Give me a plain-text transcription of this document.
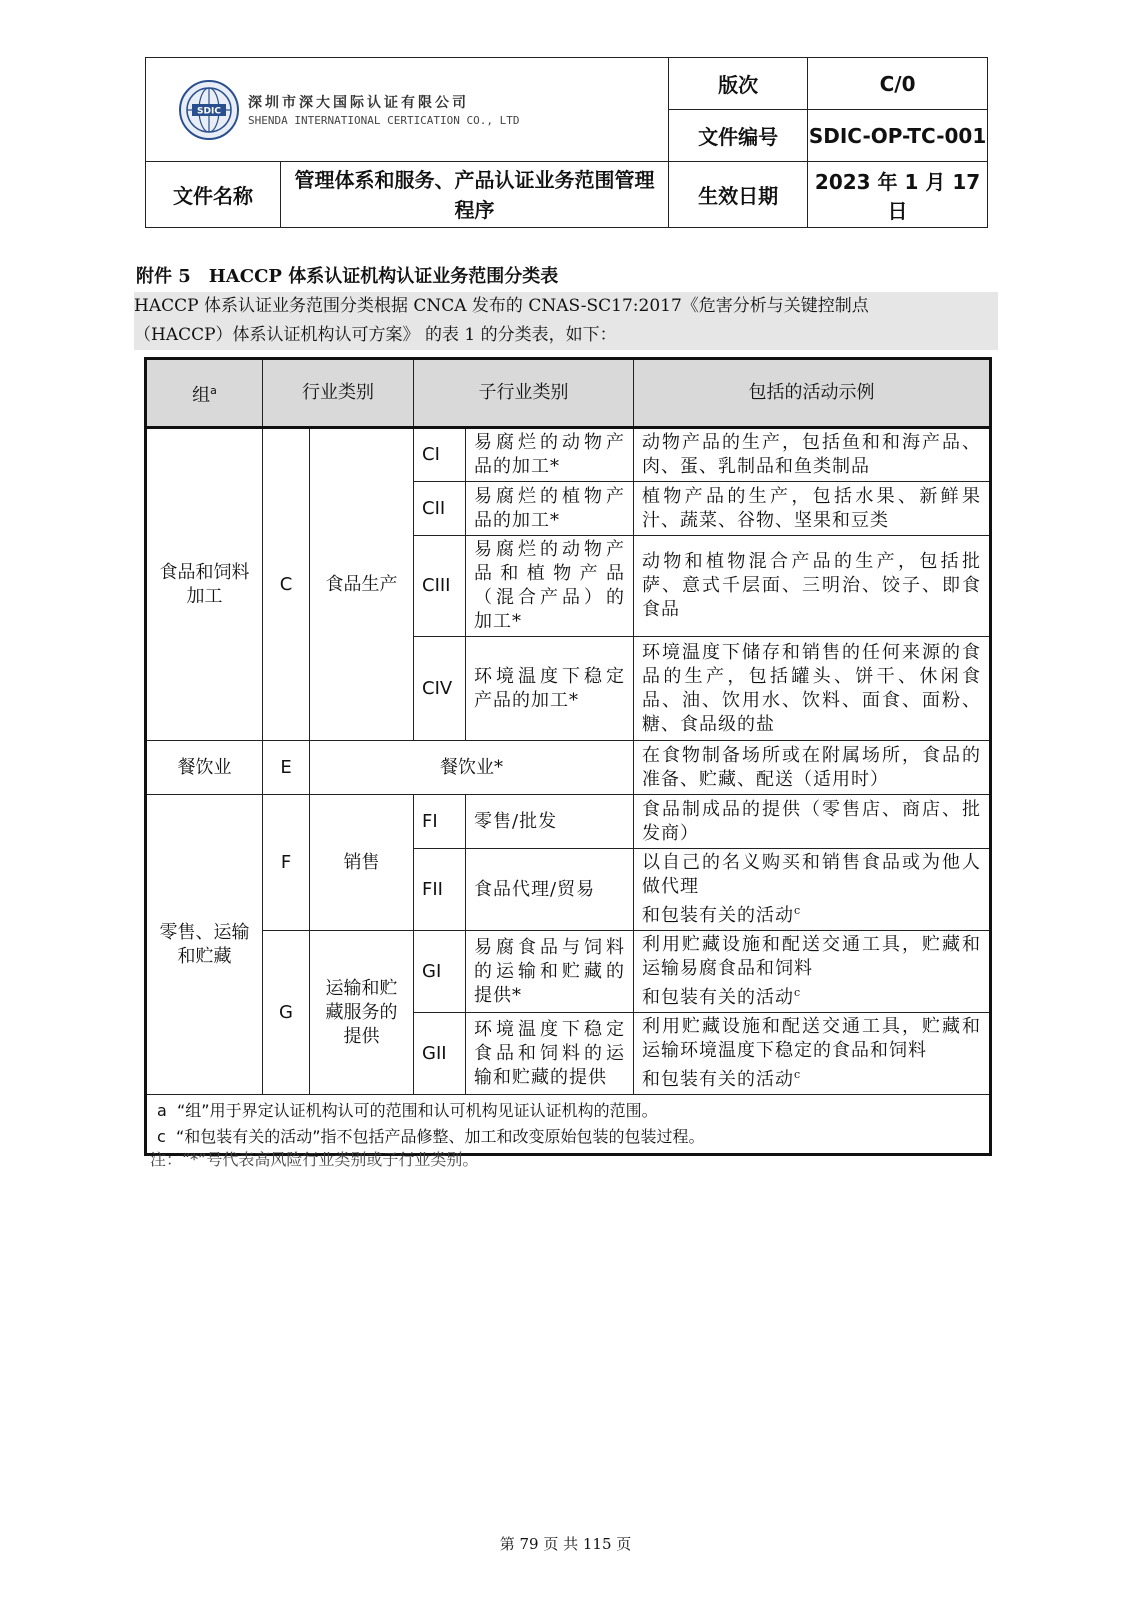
SDIC 深圳市深大国际认证有限公司
SHENDA INTERNATIONAL CERTICATION CO., LTD		版次	C/0
		文件编号	SDIC-OP-TC-001
文件名称	管理体系和服务、产品认证业务范围管理程序	生效日期	2023 年 1 月 17 日
附件 5　HACCP 体系认证机构认证业务范围分类表
HACCP 体系认证业务范围分类根据 CNCA 发布的 CNAS-SC17:2017《危害分析与关键控制点
（HACCP）体系认证机构认可方案》 的表 1 的分类表，如下：
组$^a$	行业类别		子行业类别		包括的活动示例
食品和饲料加工	C	食品生产	CI	易腐烂的动物产品的加工*	动物产品的生产，包括鱼和和海产品、肉、蛋、乳制品和鱼类制品
			CII	易腐烂的植物产品的加工*	植物产品的生产，包括水果、新鲜果汁、蔬菜、谷物、坚果和豆类
			CIII	易腐烂的动物产品和植物产品（混合产品）的加工*	动物和植物混合产品的生产，包括批萨、意式千层面、三明治、饺子、即食食品
			CIV	环境温度下稳定产品的加工*	环境温度下储存和销售的任何来源的食品的生产，包括罐头、饼干、休闲食品、油、饮用水、饮料、面食、面粉、糖、食品级的盐
餐饮业	E	餐饮业*			在食物制备场所或在附属场所，食品的准备、贮藏、配送（适用时）
零售、运输和贮藏	F	销售	FI	零售/批发	食品制成品的提供（零售店、商店、批发商）
			FII	食品代理/贸易	以自己的名义购买和销售食品或为他人做代理
和包装有关的活动$^c$

	G	运输和贮藏服务的提供	GI	易腐食品与饲料的运输和贮藏的提供*	利用贮藏设施和配送交通工具，贮藏和运输易腐食品和饲料
和包装有关的活动$^c$

			GII	环境温度下稳定食品和饲料的运输和贮藏的提供	利用贮藏设施和配送交通工具，贮藏和运输环境温度下稳定的食品和饲料
和包装有关的活动$^c$

a “组”用于界定认证机构认可的范围和认可机构见证认证机构的范围。
c “和包装有关的活动”指不包括产品修整、加工和改变原始包装的包装过程。					
注：“*”号代表高风险行业类别或子行业类别。
第 79 页 共 115 页
